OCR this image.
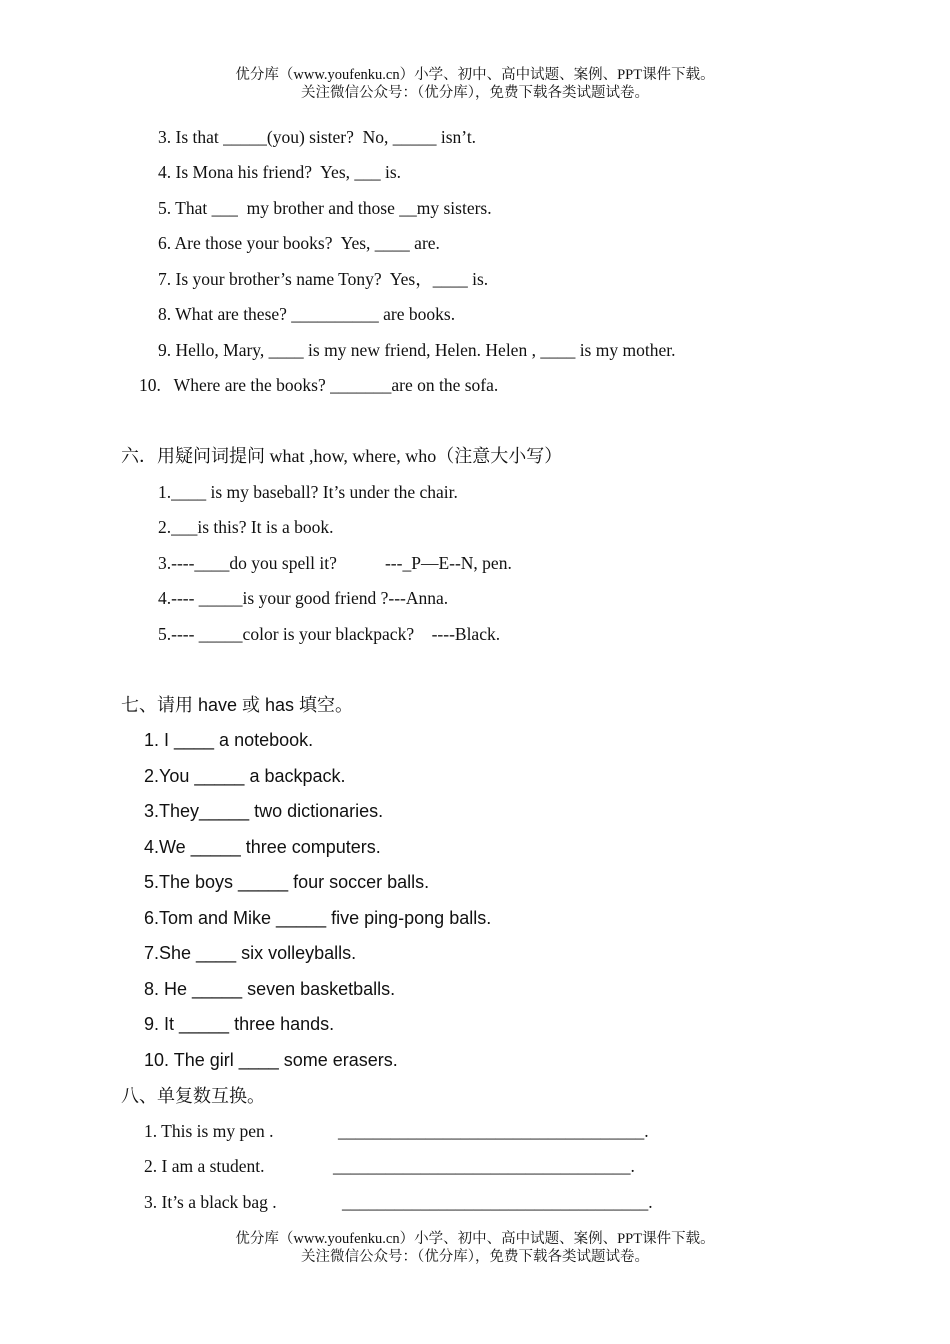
优分库（www.youfenku.cn）小学、初中、高中试题、案例、PPT课件下载。
关注微信公众号：（优分库），免费下载各类试题试卷。
3. Is that _____(you) sister?  No, _____ isn’t.
4. Is Mona his friend?  Yes, ___ is.
5. That ___  my brother and those __my sisters.
6. Are those your books?  Yes, ____ are.
7. Is your brother’s name Tony?  Yes，____ is.
8. What are these? __________ are books.
9. Hello, Mary, ____ is my new friend, Helen. Helen , ____ is my mother.
10.   Where are the books? _______are on the sofa.
六．用疑问词提问 what ,how, where, who（注意大小写）
1.____ is my baseball? It’s under the chair.
2.___is this? It is a book.
3.----____do you spell it?           ---_P—E--N, pen.
4.---- _____is your good friend ?---Anna.
5.---- _____color is your blackpack?    ----Black.
七、请用 have 或 has 填空。
1. I ____ a notebook.
2.You _____ a backpack.
3.They_____ two dictionaries.
4.We _____ three computers.
5.The boys _____ four soccer balls.
6.Tom and Mike _____ five ping-pong balls.
7.She ____ six volleyballs.
8. He _____ seven basketballs.
9. It _____ three hands.
10. The girl ____ some erasers.
八、单复数互换。
1. This is my pen .	___________________________________.
2. I am a student.	__________________________________.
3. It’s a black bag .	___________________________________.
优分库（www.youfenku.cn）小学、初中、高中试题、案例、PPT课件下载。
关注微信公众号：（优分库），免费下载各类试题试卷。
